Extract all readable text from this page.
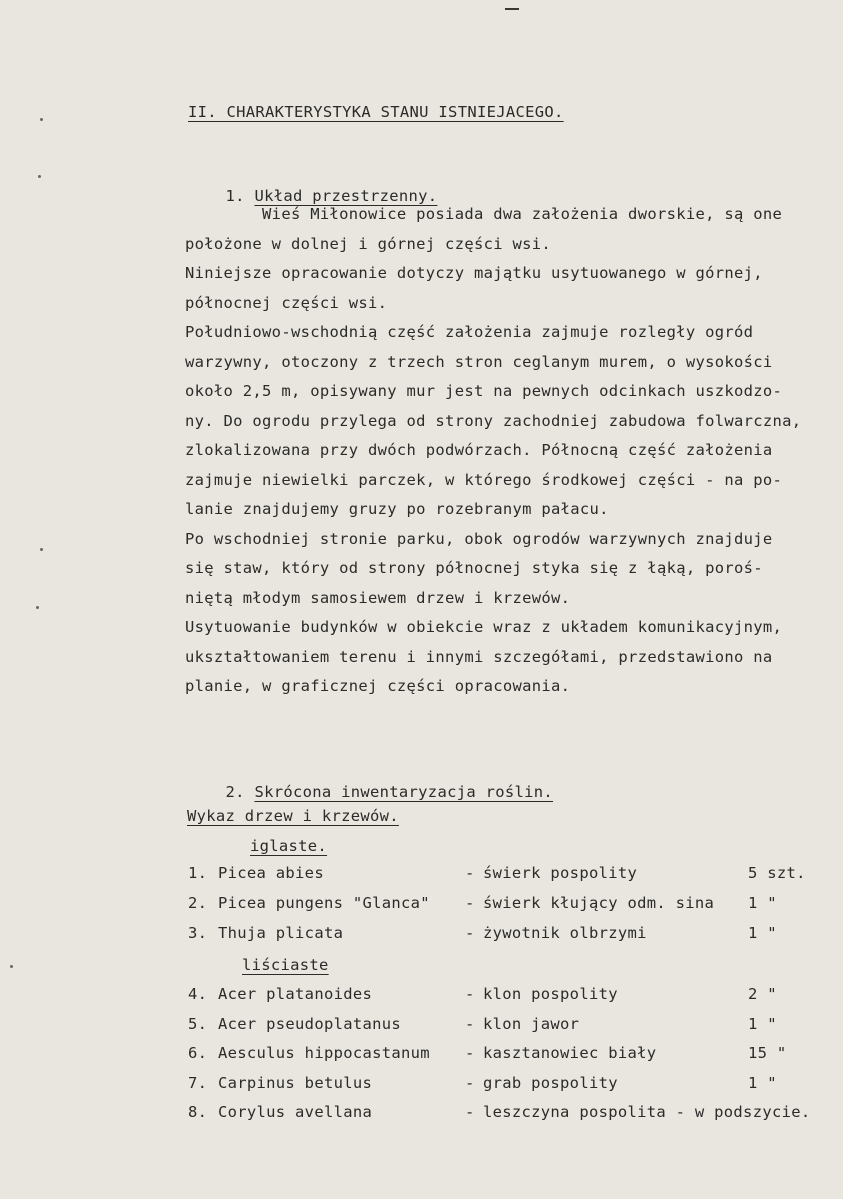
II. CHARAKTERYSTYKA STANU ISTNIEJACEGO.

1. Układ przestrzenny.

Wieś Miłonowice posiada dwa założenia dworskie, są one
położone w dolnej i górnej części wsi.
Niniejsze opracowanie dotyczy majątku usytuowanego w górnej,
północnej części wsi.
Południowo-wschodnią część założenia zajmuje rozległy ogród
warzywny, otoczony z trzech stron ceglanym murem, o wysokości
około 2,5 m, opisywany mur jest na pewnych odcinkach uszkodzo-
ny. Do ogrodu przylega od strony zachodniej zabudowa folwarczna,
zlokalizowana przy dwóch podwórzach. Północną część założenia
zajmuje niewielki parczek, w którego środkowej części - na po-
lanie znajdujemy gruzy po rozebranym pałacu.
Po wschodniej stronie parku, obok ogrodów warzywnych znajduje
się staw, który od strony północnej styka się z łąką, poroś-
niętą młodym samosiewem drzew i krzewów.
Usytuowanie budynków w obiekcie wraz z układem komunikacyjnym,
ukształtowaniem terenu i innymi szczegółami, przedstawiono na
planie, w graficznej części opracowania.

2. Skrócona inwentaryzacja roślin.

Wykaz drzew i krzewów.
iglaste.
1. Picea abies	- świerk pospolity	5 szt.
2. Picea pungens "Glanca" - świerk kłujący odm. sina 1 "
3. Thuja plicata	- żywotnik olbrzymi	1 "
liściaste
4. Acer platanoides	- klon pospolity	2 "
5. Acer pseudoplatanus	- klon jawor	1 "
6. Aesculus hippocastanum - kasztanowiec biały	15 "
7. Carpinus betulus	- grab pospolity	1 "
8. Corylus avellana	- leszczyna pospolita - w podszycie.
